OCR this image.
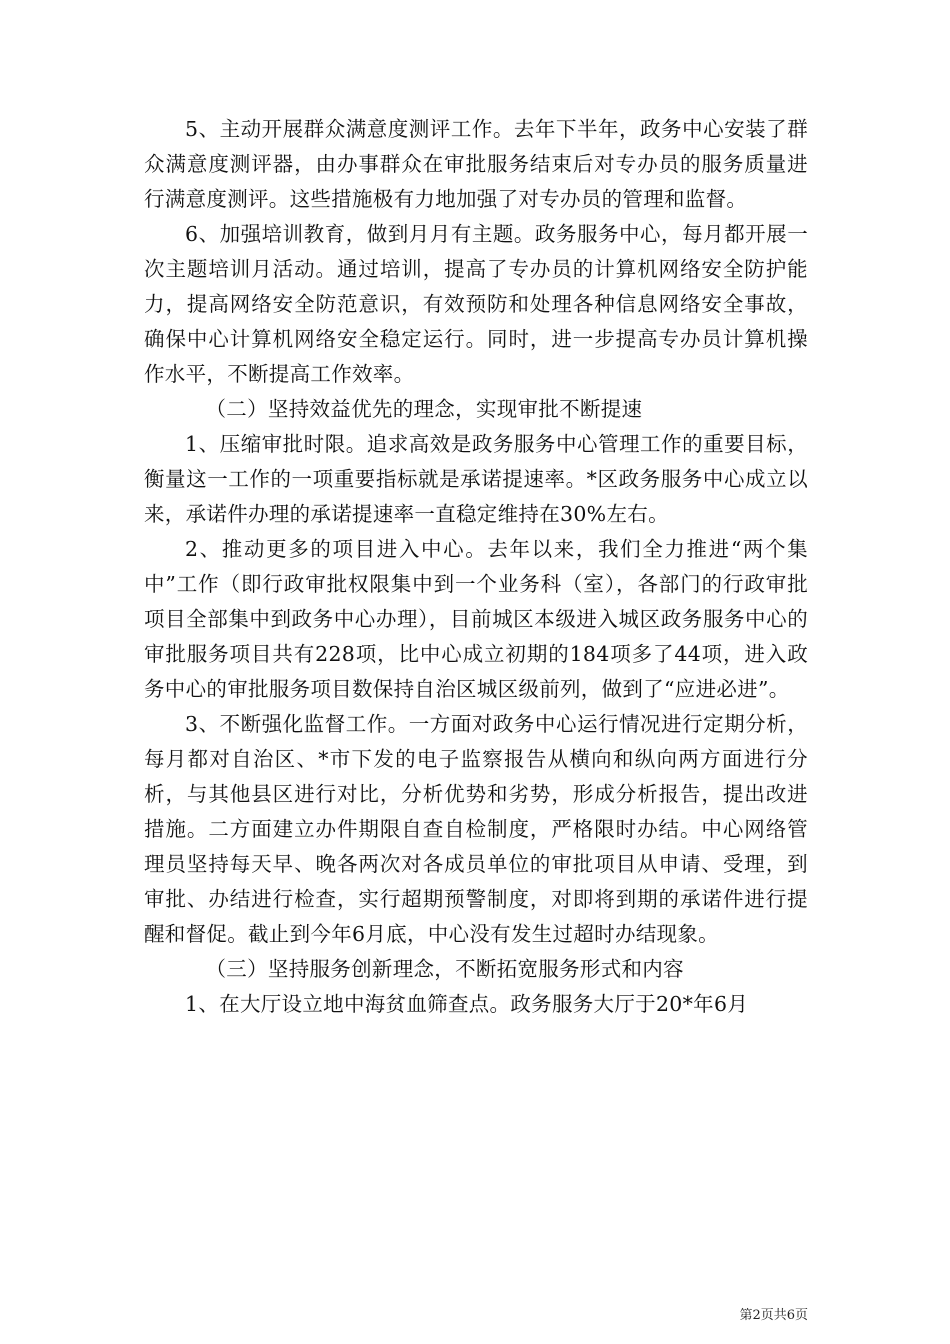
5、主动开展群众满意度测评工作。去年下半年，政务中心安装了群众满意度测评器，由办事群众在审批服务结束后对专办员的服务质量进行满意度测评。这些措施极有力地加强了对专办员的管理和监督。

6、加强培训教育，做到月月有主题。政务服务中心，每月都开展一次主题培训月活动。通过培训，提高了专办员的计算机网络安全防护能力，提高网络安全防范意识，有效预防和处理各种信息网络安全事故，确保中心计算机网络安全稳定运行。同时，进一步提高专办员计算机操作水平，不断提高工作效率。

（二）坚持效益优先的理念，实现审批不断提速

1、压缩审批时限。追求高效是政务服务中心管理工作的重要目标，衡量这一工作的一项重要指标就是承诺提速率。*区政务服务中心成立以来，承诺件办理的承诺提速率一直稳定维持在30%左右。

2、推动更多的项目进入中心。去年以来，我们全力推进“两个集中”工作（即行政审批权限集中到一个业务科（室），各部门的行政审批项目全部集中到政务中心办理），目前城区本级进入城区政务服务中心的审批服务项目共有228项，比中心成立初期的184项多了44项，进入政务中心的审批服务项目数保持自治区城区级前列，做到了“应进必进”。

3、不断强化监督工作。一方面对政务中心运行情况进行定期分析，每月都对自治区、*市下发的电子监察报告从横向和纵向两方面进行分析，与其他县区进行对比，分析优势和劣势，形成分析报告，提出改进措施。二方面建立办件期限自查自检制度，严格限时办结。中心网络管理员坚持每天早、晚各两次对各成员单位的审批项目从申请、受理，到审批、办结进行检查，实行超期预警制度，对即将到期的承诺件进行提醒和督促。截止到今年6月底，中心没有发生过超时办结现象。

（三）坚持服务创新理念，不断拓宽服务形式和内容

1、在大厅设立地中海贫血筛查点。政务服务大厅于20*年6月

第2页共6页
